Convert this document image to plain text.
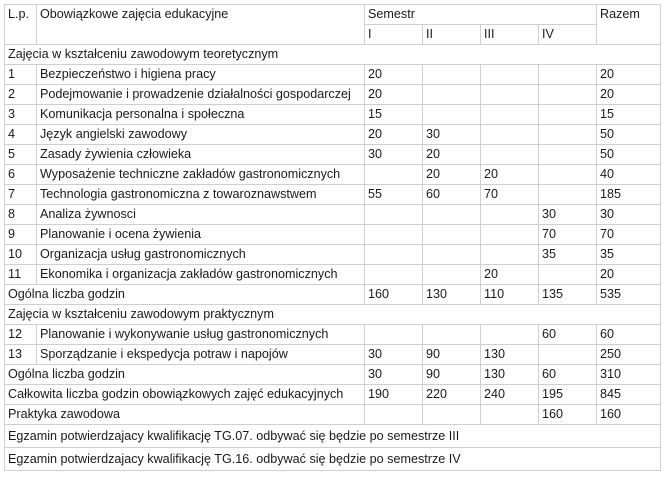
L.p.	Obowiązkowe zajęcia edukacyjne	Semestr				Razem
		I	II	III	IV	
Zajęcia w kształceniu zawodowym teoretycznym						
1	Bezpieczeństwo i higiena pracy	20				20
2	Podejmowanie i prowadzenie działalności gospodarczej	20				20
3	Komunikacja personalna i społeczna	15				15
4	Język angielski zawodowy	20	30			50
5	Zasady żywienia człowieka	30	20			50
6	Wyposażenie techniczne zakładów gastronomicznych		20	20		40
7	Technologia gastronomiczna z towaroznawstwem	55	60	70		185
8	Analiza żywnosci				30	30
9	Planowanie i ocena żywienia				70	70
10	Organizacja usług gastronomicznych				35	35
11	Ekonomika i organizacja zakładów gastronomicznych			20		20
Ogólna liczba godzin		160	130	110	135	535
Zajęcia w kształceniu zawodowym praktycznym						
12	Planowanie i wykonywanie usług gastronomicznych				60	60
13	Sporządzanie i ekspedycja potraw i napojów	30	90	130		250
Ogólna liczba godzin		30	90	130	60	310
Całkowita liczba godzin obowiązkowych zajęć edukacyjnych		190	220	240	195	845
Praktyka zawodowa					160	160
Egzamin potwierdzajacy kwalifikację TG.07. odbywać się będzie po semestrze III						
Egzamin potwierdzajacy kwalifikację TG.16. odbywać się będzie po semestrze IV						
